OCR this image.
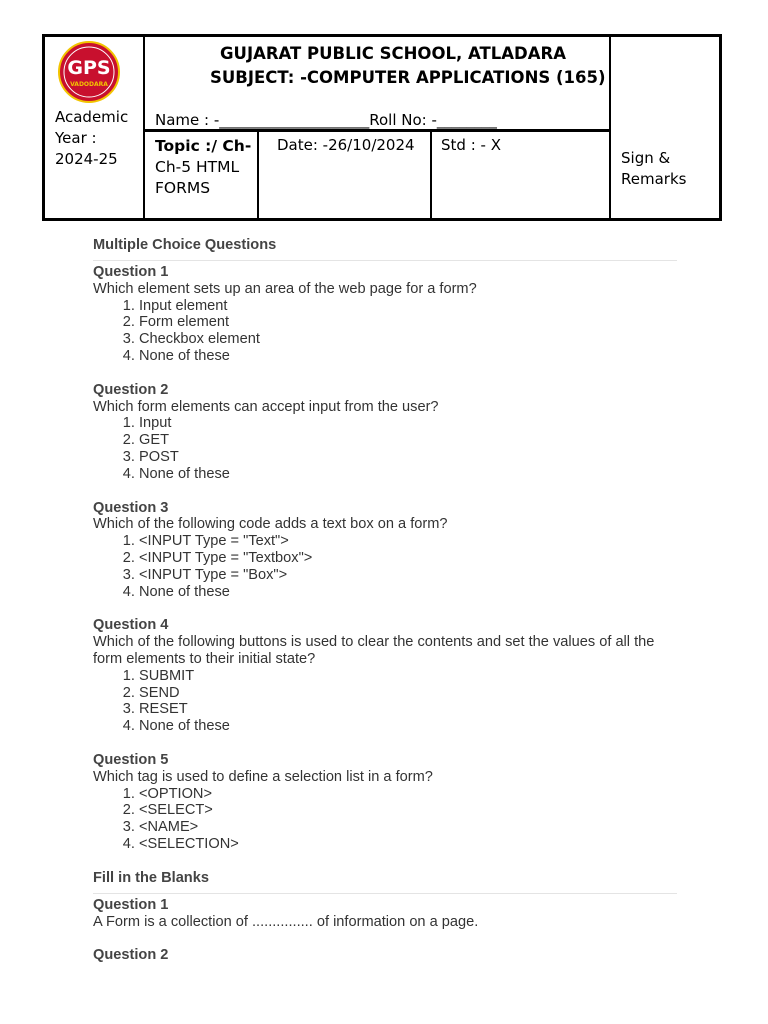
GPS
VADODARA
Academic Year : 2024-25
GUJARAT PUBLIC SCHOOL, ATLADARA
SUBJECT: -COMPUTER APPLICATIONS (165)
Name : -____________________Roll No: -________
Topic :/ Ch- Ch-5 HTML FORMS
Date: -26/10/2024 Std : - X
Sign & Remarks
Multiple Choice Questions
Question 1
Which element sets up an area of the web page for a form?
1. Input element
2. Form element
3. Checkbox element
4. None of these
Question 2
Which form elements can accept input from the user?
1. Input
2. GET
3. POST
4. None of these
Question 3
Which of the following code adds a text box on a form?
1. <INPUT Type = "Text">
2. <INPUT Type = "Textbox">
3. <INPUT Type = "Box">
4. None of these
Question 4
Which of the following buttons is used to clear the contents and set the values of all the form elements to their initial state?
1. SUBMIT
2. SEND
3. RESET
4. None of these
Question 5
Which tag is used to define a selection list in a form?
1. <OPTION>
2. <SELECT>
3. <NAME>
4. <SELECTION>
Fill in the Blanks
Question 1
A Form is a collection of ............... of information on a page.
Question 2
